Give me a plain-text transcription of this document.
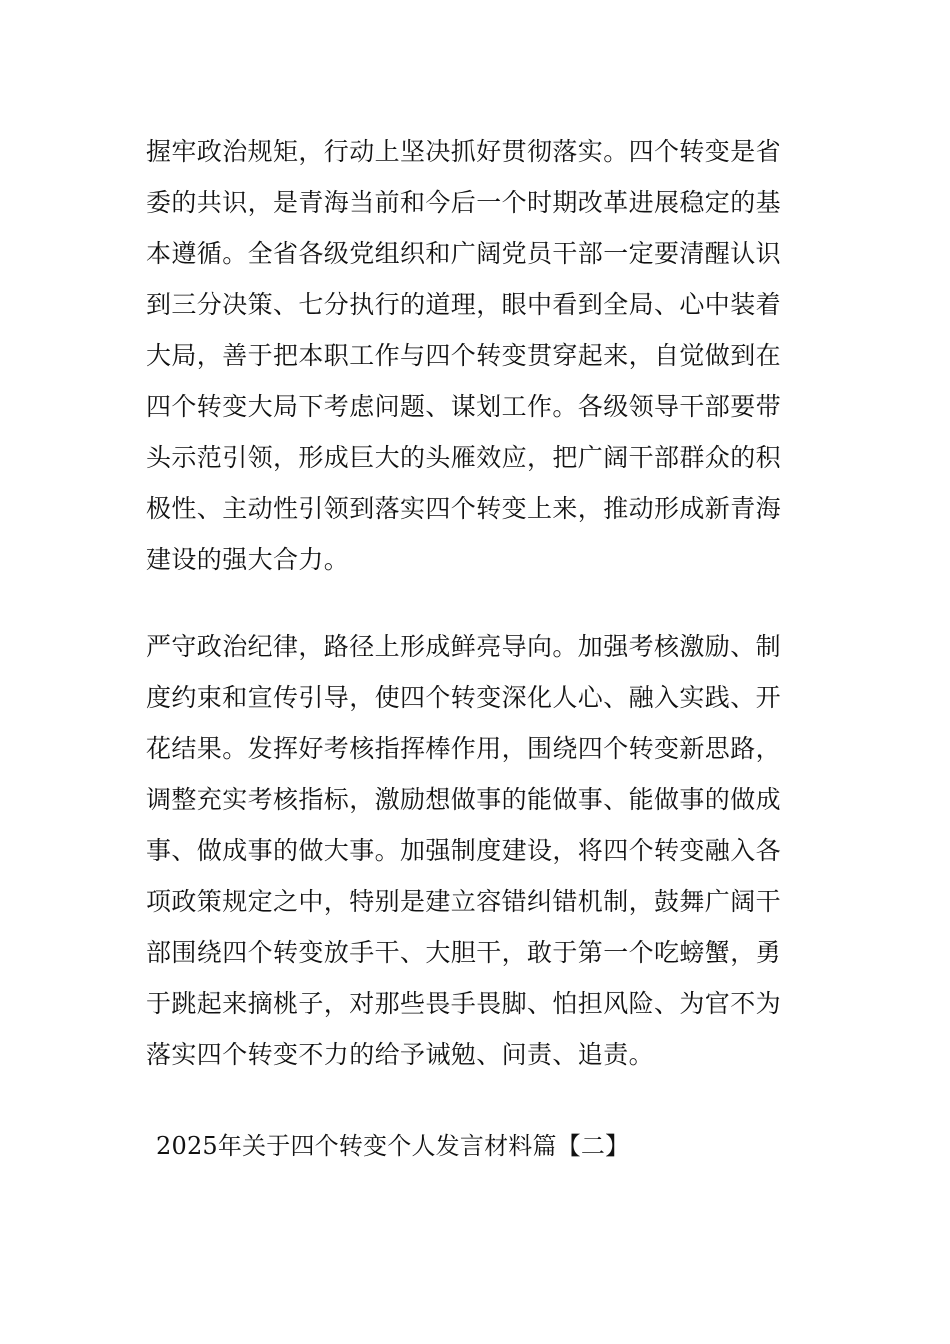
握牢政治规矩，行动上坚决抓好贯彻落实。四个转变是省
委的共识，是青海当前和今后一个时期改革进展稳定的基
本遵循。全省各级党组织和广阔党员干部一定要清醒认识
到三分决策、七分执行的道理，眼中看到全局、心中装着
大局，善于把本职工作与四个转变贯穿起来，自觉做到在
四个转变大局下考虑问题、谋划工作。各级领导干部要带
头示范引领，形成巨大的头雁效应，把广阔干部群众的积
极性、主动性引领到落实四个转变上来，推动形成新青海
建设的强大合力。
严守政治纪律，路径上形成鲜亮导向。加强考核激励、制
度约束和宣传引导，使四个转变深化人心、融入实践、开
花结果。发挥好考核指挥棒作用，围绕四个转变新思路，
调整充实考核指标，激励想做事的能做事、能做事的做成
事、做成事的做大事。加强制度建设，将四个转变融入各
项政策规定之中，特别是建立容错纠错机制，鼓舞广阔干
部围绕四个转变放手干、大胆干，敢于第一个吃螃蟹，勇
于跳起来摘桃子，对那些畏手畏脚、怕担风险、为官不为
落实四个转变不力的给予诫勉、问责、追责。
2025年关于四个转变个人发言材料篇【二】
